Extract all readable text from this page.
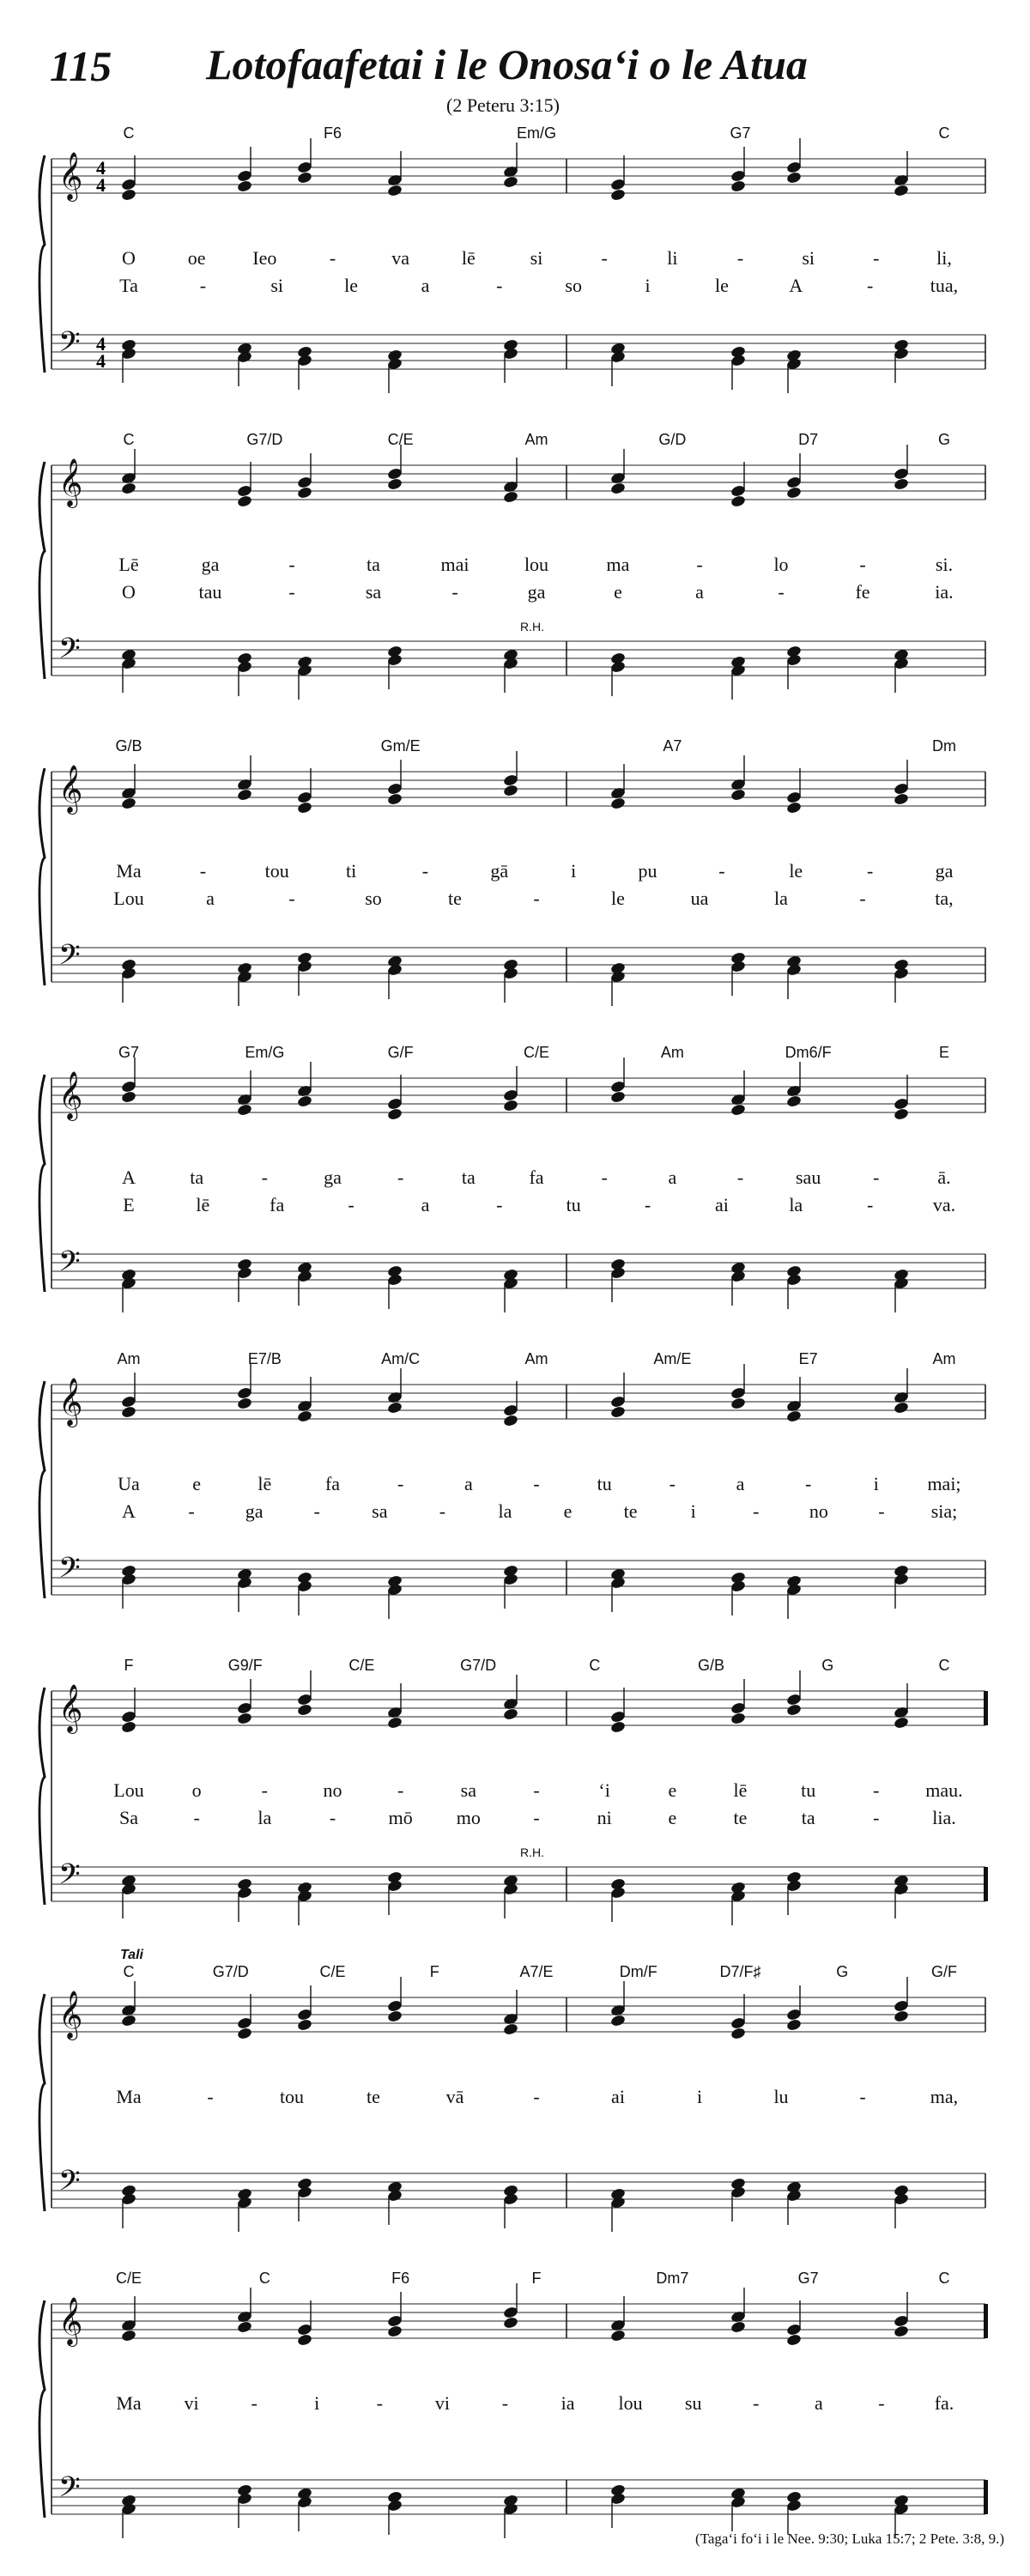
115 Lotofaafetai i le Onosa‘i o le Atua
(2 Peteru 3:15)
𝄞 4
4
𝄢 4
4
C	F6	Em/G	G7	C
O	oe Ieo	-	va	lē	si	-	li	-	si	-	li,
Ta	-	si	le	a	-	so	i	le	A	-	tua,
𝄞
𝄢
C	G7/D	C/E	Am	G/D	D7	G
R.H.
Lē	ga	-	ta	mai	lou	ma	-	lo	-	si.
O	tau	-	sa	-	ga	e	a	-	fe	ia.
𝄞
𝄢
G/B	Gm/E	A7	Dm
Ma	-	tou	ti	-	gā	i	pu	-	le	-	ga
Lou	a	-	so	te	-	le	ua	la	-	ta,
𝄞
𝄢
G7	Em/G	G/F	C/E	Am	Dm6/F	E
A	ta	-	ga	-	ta	fa	-	a	-	sau	-	ā.
E	lē	fa	-	a	-	tu	-	ai	la	-	va.
𝄞
𝄢
Am	E7/B	Am/C	Am	Am/E	E7	Am
Ua	e	lē	fa	-	a	-	tu	-	a	-	i	mai;
A	-	ga	-	sa	-	la	e	te	i	-	no	- sia;
𝄞
𝄢
F	G9/F	C/E	G7/D	C	G/B	G	C
R.H.
Lou	o	-	no	-	sa	-	‘i	e	lē	tu	- mau.
Sa	-	la	-	mō mo	-	ni	e	te	ta	-	lia.
𝄞
𝄢
C	G7/D	C/E	F	A7/E	Dm/F	D7/F♯	G	G/F
Tali
Ma	-	tou	te	vā	-	ai	i	lu	-	ma,
𝄞
𝄢
C/E	C	F6	F	Dm7	G7	C
Ma vi	-	i	-	vi	-	ia lou su	-	a	-	fa.
(Taga‘i fo‘i i le Nee. 9:30; Luka 15:7; 2 Pete. 3:8, 9.)
